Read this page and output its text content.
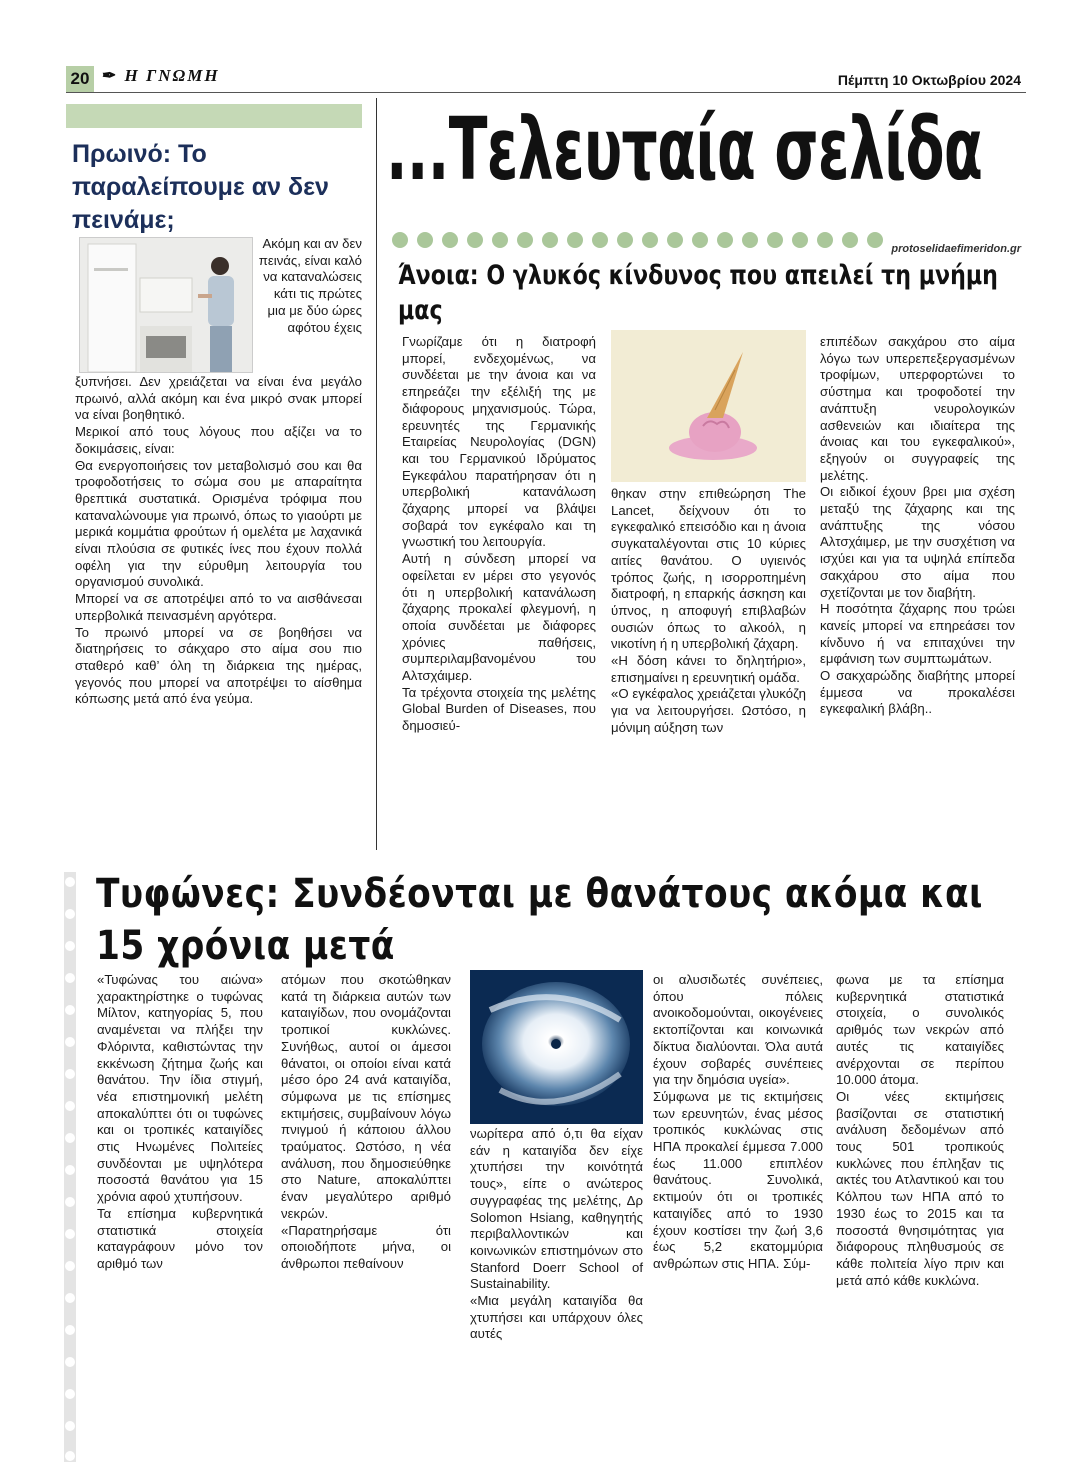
20 ✒ Η ΓΝΩΜΗ	Πέμπτη 10 Οκτωβρίου 2024
...Τελευταία σελίδα
protoselidaefimeridon.gr
Πρωινό: Το παραλείπουμε αν δεν πεινάμε;
Ακόμη και αν δεν πεινάς, είναι καλό να καταναλώσεις κάτι τις πρώτες μια με δύο ώρες αφότου έχεις

ξυπνήσει. Δεν χρειάζεται να είναι ένα μεγάλο πρωινό, αλλά ακόμη και ένα μικρό σνακ μπορεί να είναι βοηθητικό.

Μερικοί από τους λόγους που αξίζει να το δοκιμάσεις, είναι:

Θα ενεργοποιήσεις τον μεταβολισμό σου και θα τροφοδοτήσεις το σώμα σου με απαραίτητα θρεπτικά συστατικά. Ορισμένα τρόφιμα που καταναλώνουμε για πρωινό, όπως το γιαούρτι με μερικά κομμάτια φρούτων ή ομελέτα με λαχανικά είναι πλούσια σε φυτικές ίνες που έχουν πολλά οφέλη για την εύρυθμη λειτουργία του οργανισμού συνολικά.

Μπορεί να σε αποτρέψει από το να αισθάνεσαι υπερβολικά πεινασμένη αργότερα.

Το πρωινό μπορεί να σε βοηθήσει να διατηρήσεις το σάκχαρο στο αίμα σου πιο σταθερό καθ’ όλη τη διάρκεια της ημέρας, γεγονός που μπορεί να αποτρέψει το αίσθημα κόπωσης μετά από ένα γεύμα.

Άνοια: Ο γλυκός κίνδυνος που απειλεί τη μνήμη μας

Γνωρίζαμε ότι η διατροφή μπορεί, ενδεχομένως, να συνδέεται με την άνοια και να επηρεάζει την εξέλιξή της με διάφορους μηχανισμούς. Τώρα, ερευνητές της Γερμανικής Εταιρείας Νευρολογίας (DGN) και του Γερμανικού Ιδρύματος Εγκεφάλου παρατήρησαν ότι η υπερβολική κατανάλωση ζάχαρης μπορεί να βλάψει σοβαρά τον εγκέφαλο και τη γνωστική του λειτουργία.

Αυτή η σύνδεση μπορεί να οφείλεται εν μέρει στο γεγονός ότι η υπερβολική κατανάλωση ζάχαρης προκαλεί φλεγμονή, η οποία συνδέεται με διάφορες χρόνιες παθήσεις, συμπεριλαμβανομένου του Αλτσχάιμερ.

Τα τρέχοντα στοιχεία της μελέτης Global Burden of Diseases, που δημοσιεύ-

θηκαν στην επιθεώρηση The Lancet, δείχνουν ότι το εγκεφαλικό επεισόδιο και η άνοια συγκαταλέγονται στις 10 κύριες αιτίες θανάτου. Ο υγιεινός τρόπος ζωής, η ισορροπημένη διατροφή, η επαρκής άσκηση και ύπνος, η αποφυγή επιβλαβών ουσιών όπως το αλκοόλ, η νικοτίνη ή η υπερβολική ζάχαρη.

«Η δόση κάνει το δηλητήριο», επισημαίνει η ερευνητική ομάδα.

«Ο εγκέφαλος χρειάζεται γλυκόζη για να λειτουργήσει. Ωστόσο, η μόνιμη αύξηση των

επιπέδων σακχάρου στο αίμα λόγω των υπερεπεξεργασμένων τροφίμων, υπερφορτώνει το σύστημα και τροφοδοτεί την ανάπτυξη νευρολογικών ασθενειών και ιδιαίτερα της άνοιας και του εγκεφαλικού», εξηγούν οι συγγραφείς της μελέτης.

Οι ειδικοί έχουν βρει μια σχέση μεταξύ της ζάχαρης και της ανάπτυξης της νόσου Αλτσχάιμερ, με την συσχέτιση να ισχύει και για τα υψηλά επίπεδα σακχάρου στο αίμα που σχετίζονται με τον διαβήτη.

Η ποσότητα ζάχαρης που τρώει κανείς μπορεί να επηρεάσει τον κίνδυνο ή να επιταχύνει την εμφάνιση των συμπτωμάτων.

Ο σακχαρώδης διαβήτης μπορεί έμμεσα να προκαλέσει εγκεφαλική βλάβη..

Τυφώνες: Συνδέονται με θανάτους ακόμα και
15 χρόνια μετά

«Τυφώνας του αιώνα» χαρακτηρίστηκε ο τυφώνας Μίλτον, κατηγορίας 5, που αναμένεται να πλήξει την Φλόριντα, καθιστώντας την εκκένωση ζήτημα ζωής και θανάτου. Την ίδια στιγμή, νέα επιστημονική μελέτη αποκαλύπτει ότι οι τυφώνες και οι τροπικές καταιγίδες στις Ηνωμένες Πολιτείες συνδέονται με υψηλότερα ποσοστά θανάτου για 15 χρόνια αφού χτυπήσουν.

Τα επίσημα κυβερνητικά στατιστικά στοιχεία καταγράφουν μόνο τον αριθμό των

ατόμων που σκοτώθηκαν κατά τη διάρκεια αυτών των καταιγίδων, που ονομάζονται τροπικοί κυκλώνες. Συνήθως, αυτοί οι άμεσοι θάνατοι, οι οποίοι είναι κατά μέσο όρο 24 ανά καταιγίδα, σύμφωνα με τις επίσημες εκτιμήσεις, συμβαίνουν λόγω πνιγμού ή κάποιου άλλου τραύματος. Ωστόσο, η νέα ανάλυση, που δημοσιεύθηκε στο Nature, αποκαλύπτει έναν μεγαλύτερο αριθμό νεκρών.

«Παρατηρήσαμε ότι οποιοδήποτε μήνα, οι άνθρωποι πεθαίνουν

νωρίτερα από ό,τι θα είχαν εάν η καταιγίδα δεν είχε χτυπήσει την κοινότητά τους», είπε ο ανώτερος συγγραφέας της μελέτης, Δρ Solomon Hsiang, καθηγητής περιβαλλοντικών και κοινωνικών επιστημόνων στο Stanford Doerr School of Sustainability.

«Μια μεγάλη καταιγίδα θα χτυπήσει και υπάρχουν όλες αυτές

οι αλυσιδωτές συνέπειες, όπου πόλεις ανοικοδομούνται, οικογένειες εκτοπίζονται και κοινωνικά δίκτυα διαλύονται. Όλα αυτά έχουν σοβαρές συνέπειες για την δημόσια υγεία».

Σύμφωνα με τις εκτιμήσεις των ερευνητών, ένας μέσος τροπικός κυκλώνας στις ΗΠΑ προκαλεί έμμεσα 7.000 έως 11.000 επιπλέον θανάτους. Συνολικά, εκτιμούν ότι οι τροπικές καταιγίδες από το 1930 έχουν κοστίσει την ζωή 3,6 έως 5,2 εκατομμύρια ανθρώπων στις ΗΠΑ. Σύμ-

φωνα με τα επίσημα κυβερνητικά στατιστικά στοιχεία, ο συνολικός αριθμός των νεκρών από αυτές τις καταιγίδες ανέρχονται σε περίπου 10.000 άτομα.

Οι νέες εκτιμήσεις βασίζονται σε στατιστική ανάλυση δεδομένων από τους 501 τροπικούς κυκλώνες που έπληξαν τις ακτές του Ατλαντικού και του Κόλπου των ΗΠΑ από το 1930 έως το 2015 και τα ποσοστά θνησιμότητας για διάφορους πληθυσμούς σε κάθε πολιτεία λίγο πριν και μετά από κάθε κυκλώνα.
